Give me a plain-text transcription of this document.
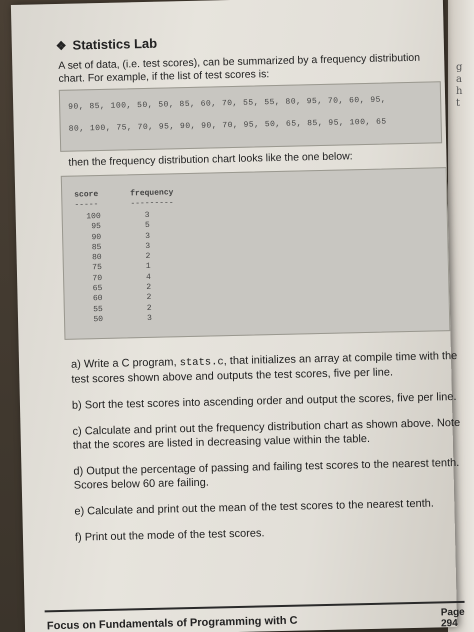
g
a
h
t
❖ Statistics Lab
A set of data, (i.e. test scores), can be summarized by a frequency distribution chart. For example, if the list of test scores is:
90, 85, 100, 50, 50, 85, 60, 70, 55, 55, 80, 95, 70, 60, 95,
80, 100, 75, 70, 95, 90, 90, 70, 95, 50, 65, 85, 95, 100, 65
then the frequency distribution chart looks like the one below:
score	frequency
-----	---------
100	3
95	5
90	3
85	3
80	2
75	1
70	4
65	2
60	2
55	2
50	3
a) Write a C program, stats.c, that initializes an array at compile time with the test scores shown above and outputs the test scores, five per line.
b) Sort the test scores into ascending order and output the scores, five per line.
c) Calculate and print out the frequency distribution chart as shown above. Note that the scores are listed in decreasing value within the table.
d) Output the percentage of passing and failing test scores to the nearest tenth. Scores below 60 are failing.
e) Calculate and print out the mean of the test scores to the nearest tenth.
f) Print out the mode of the test scores.
Focus on Fundamentals of Programming with C
Page 294
